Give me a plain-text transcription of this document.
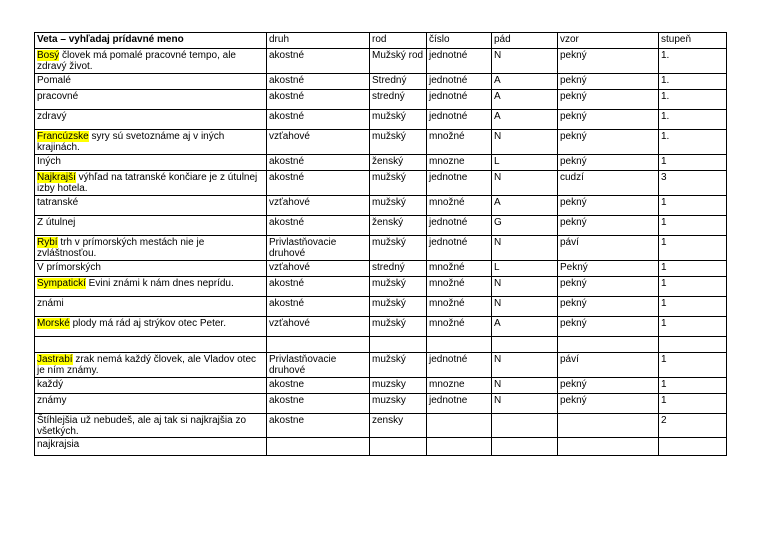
Veta – vyhľadaj prídavné meno	druh	rod	číslo	pád	vzor	stupeň
Bosý človek má pomalé pracovné tempo, ale zdravý život.	akostné	Mužský rod	jednotné	N	pekný	1.
Pomalé	akostné	Stredný	jednotné	A	pekný	1.
pracovné	akostné	stredný	jednotné	A	pekný	1.
zdravý	akostné	mužský	jednotné	A	pekný	1.
Francúzske syry sú svetoznáme aj v iných krajinách.	vzťahové	mužský	množné	N	pekný	1.
Iných	akostné	ženský	mnozne	L	pekný	1
Najkrajší výhľad na tatranské končiare je z útulnej izby hotela.	akostné	mužský	jednotne	N	cudzí	3
tatranské	vzťahové	mužský	množné	A	pekný	1
Z útulnej	akostné	ženský	jednotné	G	pekný	1
Rybí trh v prímorských mestách nie je zvláštnosťou.	Privlastňovacie druhové	mužský	jednotné	N	páví	1
V prímorských	vzťahové	stredný	množné	L	Pekný	1
Sympatickí Evini známi k nám dnes neprídu.	akostné	mužský	množné	N	pekný	1
známi	akostné	mužský	množné	N	pekný	1
Morské plody má rád aj strýkov otec Peter.	vzťahové	mužský	množné	A	pekný	1

Jastrabí zrak nemá každý človek, ale Vladov otec je ním známy.	Privlastňovacie druhové	mužský	jednotné	N	páví	1
každý	akostne	muzsky	mnozne	N	pekný	1
známy	akostne	muzsky	jednotne	N	pekný	1
Štíhlejšia už nebudeš, ale aj tak si najkrajšia zo všetkých.	akostne	zensky				2
najkrajsia						
